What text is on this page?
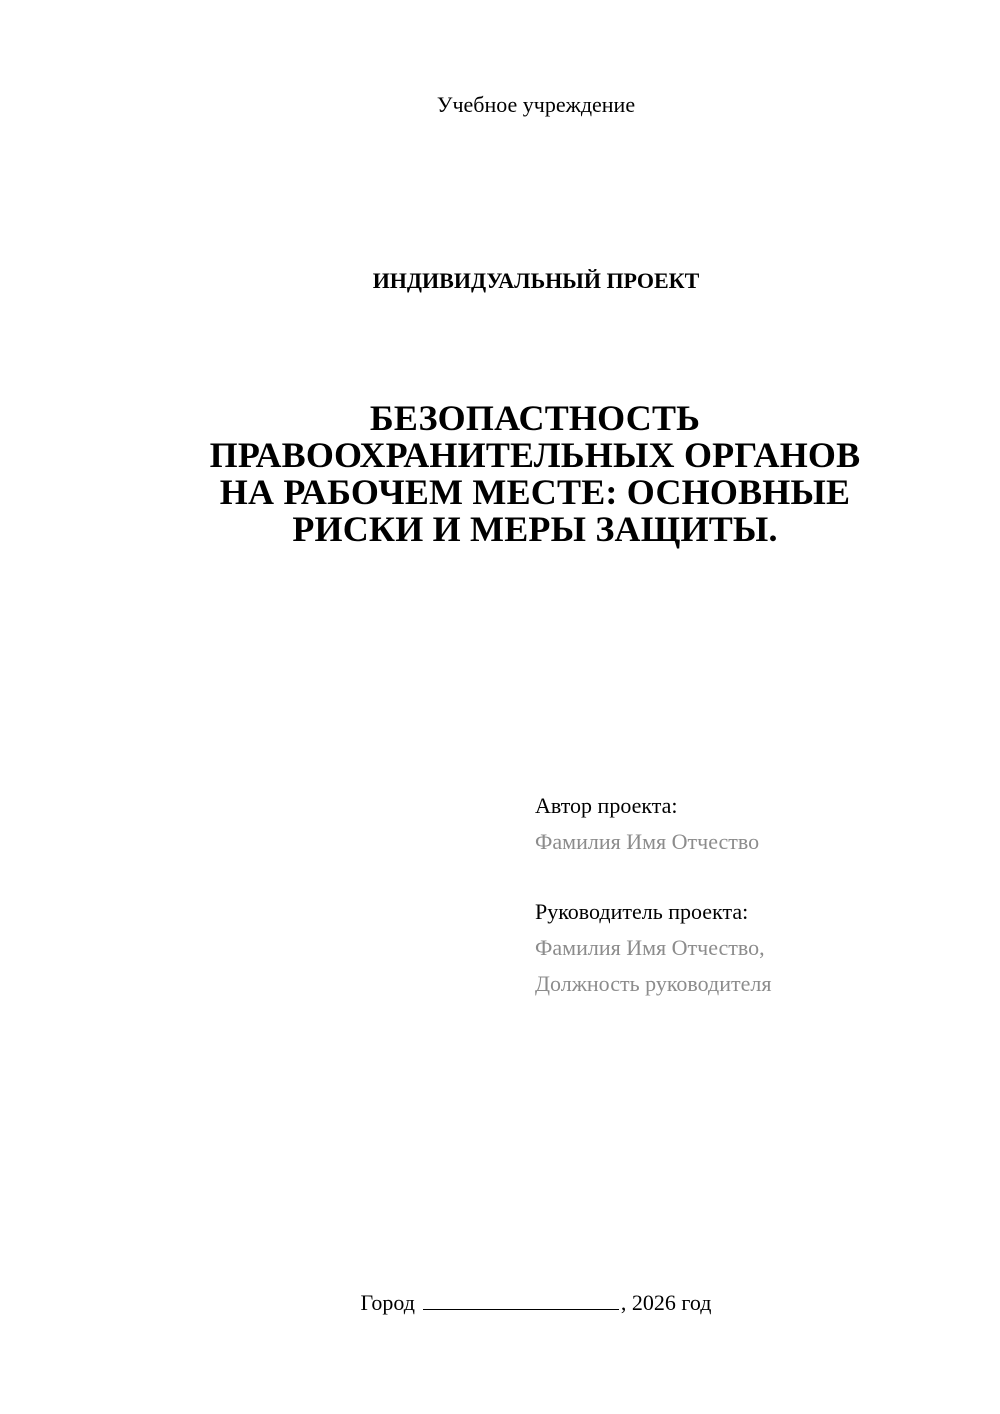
Учебное учреждение
ИНДИВИДУАЛЬНЫЙ ПРОЕКТ
БЕЗОПАСТНОСТЬ
ПРАВООХРАНИТЕЛЬНЫХ ОРГАНОВ
НА РАБОЧЕМ МЕСТЕ: ОСНОВНЫЕ
РИСКИ И МЕРЫ ЗАЩИТЫ.
Автор проекта:
Фамилия Имя Отчество
Руководитель проекта:
Фамилия Имя Отчество,
Должность руководителя
Город	, 2026 год
